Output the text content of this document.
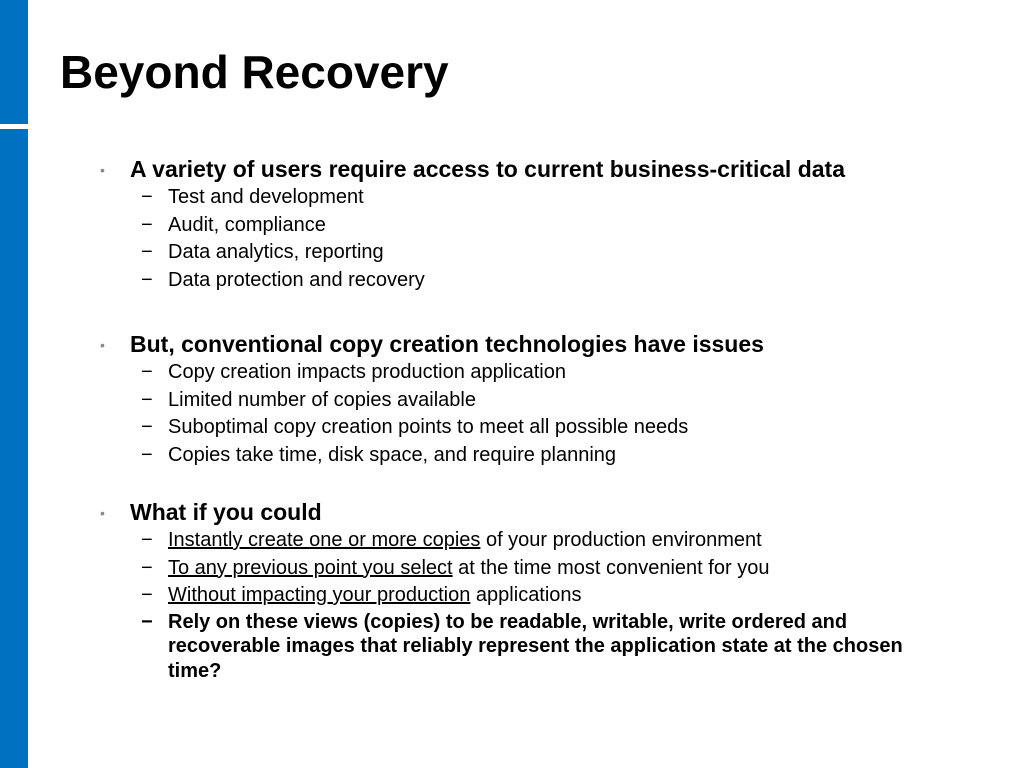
Beyond Recovery
• A variety of users require access to current business-critical data
− Test and development
− Audit, compliance
− Data analytics, reporting
− Data protection and recovery
• But, conventional copy creation technologies have issues
− Copy creation impacts production application
− Limited number of copies available
− Suboptimal copy creation points to meet all possible needs
− Copies take time, disk space, and require planning
• What if you could
− Instantly create one or more copies of your production environment
− To any previous point you select at the time most convenient for you
− Without impacting your production applications
− Rely on these views (copies) to be readable, writable, write ordered and recoverable images that reliably represent the application state at the chosen time?
